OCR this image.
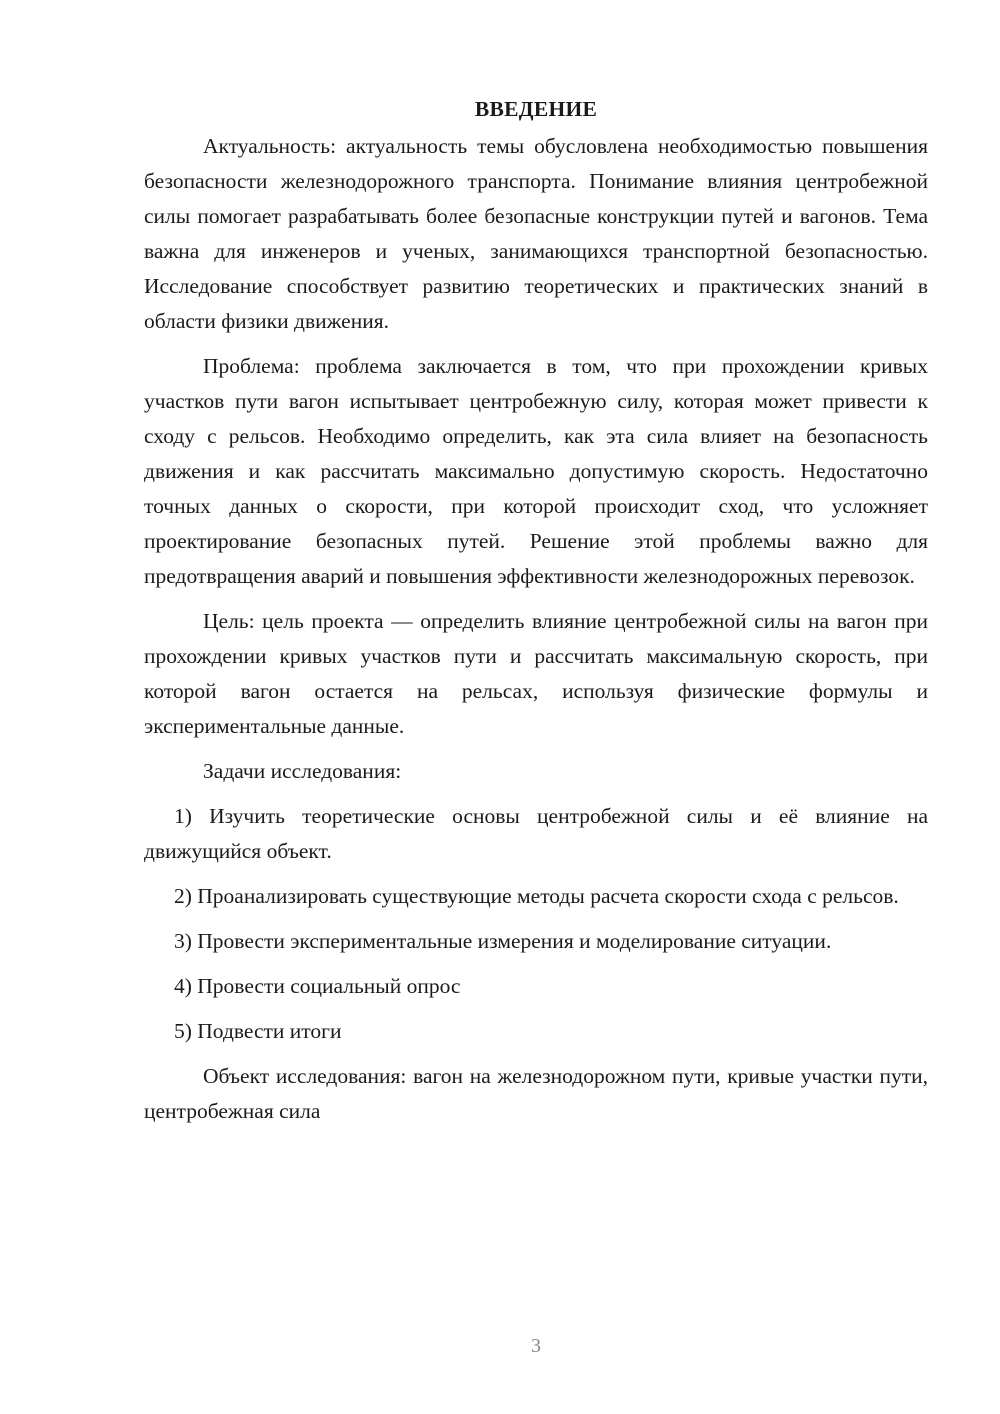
ВВЕДЕНИЕ

Актуальность: актуальность темы обусловлена необходимостью повышения безопасности железнодорожного транспорта. Понимание влияния центробежной силы помогает разрабатывать более безопасные конструкции путей и вагонов. Тема важна для инженеров и ученых, занимающихся транспортной безопасностью. Исследование способствует развитию теоретических и практических знаний в области физики движения.

Проблема: проблема заключается в том, что при прохождении кривых участков пути вагон испытывает центробежную силу, которая может привести к сходу с рельсов. Необходимо определить, как эта сила влияет на безопасность движения и как рассчитать максимально допустимую скорость. Недостаточно точных данных о скорости, при которой происходит сход, что усложняет проектирование безопасных путей. Решение этой проблемы важно для предотвращения аварий и повышения эффективности железнодорожных перевозок.

Цель: цель проекта — определить влияние центробежной силы на вагон при прохождении кривых участков пути и рассчитать максимальную скорость, при которой вагон остается на рельсах, используя физические формулы и экспериментальные данные.

Задачи исследования:

1) Изучить теоретические основы центробежной силы и её влияние на движущийся объект.

2) Проанализировать существующие методы расчета скорости схода с рельсов.

3) Провести экспериментальные измерения и моделирование ситуации.

4) Провести социальный опрос

5) Подвести итоги

Объект исследования: вагон на железнодорожном пути, кривые участки пути, центробежная сила

3
